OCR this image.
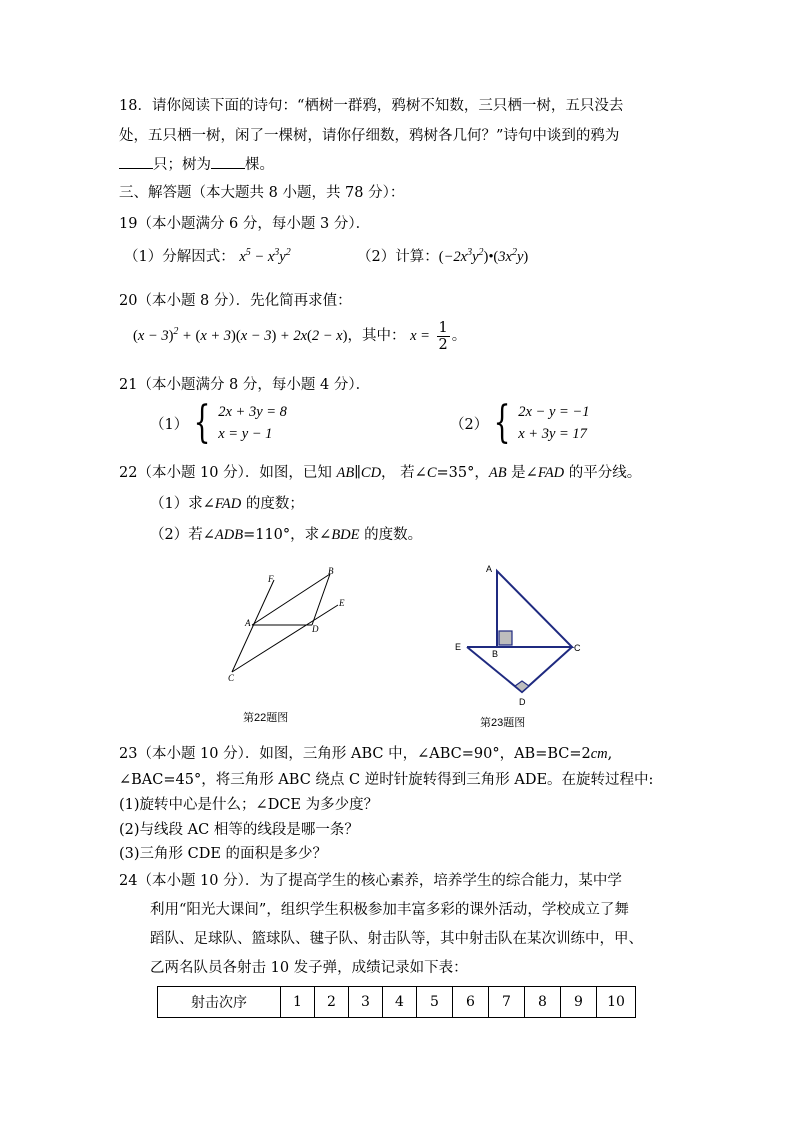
18．请你阅读下面的诗句：“栖树一群鸦，鸦树不知数，三只栖一树，五只没去
处，五只栖一树，闲了一棵树，请你仔细数，鸦树各几何？”诗句中谈到的鸦为
只；树为 棵。
三、解答题（本大题共 8 小题，共 78 分）：
19（本小题满分 6 分，每小题 3 分）．
（1）分解因式： $x^5 - x^3y^2$	（2）计算：$(-2x^3y^2)•(3x^2y)$
20（本小题 8 分）．先化简再求值：
$(x - 3)^2 + (x + 3)(x - 3) + 2x(2 - x)$，其中： $x = \frac{1}{2}$ 。
21（本小题满分 8 分，每小题 4 分）．
（1） { 2x + 3y = 8
x = y − 1
（2） { 2x − y = −1
x + 3y = 17
22（本小题 10 分）．如图，已知 AB∥CD， 若∠C=35°，AB 是∠FAD 的平分线。
（1）求∠FAD 的度数；
（2）若∠ADB=110°，求∠BDE 的度数。
F
B
E
A
D
C
第22题图
A
B
C
E
D
第23题图
23（本小题 10 分）．如图，三角形 ABC 中，∠ABC=90°，AB=BC=2cm,
∠BAC=45°，将三角形 ABC 绕点 C 逆时针旋转得到三角形 ADE。在旋转过程中:
(1)旋转中心是什么；∠DCE 为多少度？
(2)与线段 AC 相等的线段是哪一条？
(3)三角形 CDE 的面积是多少？
24（本小题 10 分）．为了提高学生的核心素养，培养学生的综合能力，某中学
利用“阳光大课间”，组织学生积极参加丰富多彩的课外活动，学校成立了舞
蹈队、足球队、篮球队、毽子队、射击队等，其中射击队在某次训练中，甲、
乙两名队员各射击 10 发子弹，成绩记录如下表：
射击次序	1	2	3	4	5	6	7	8	9	10
